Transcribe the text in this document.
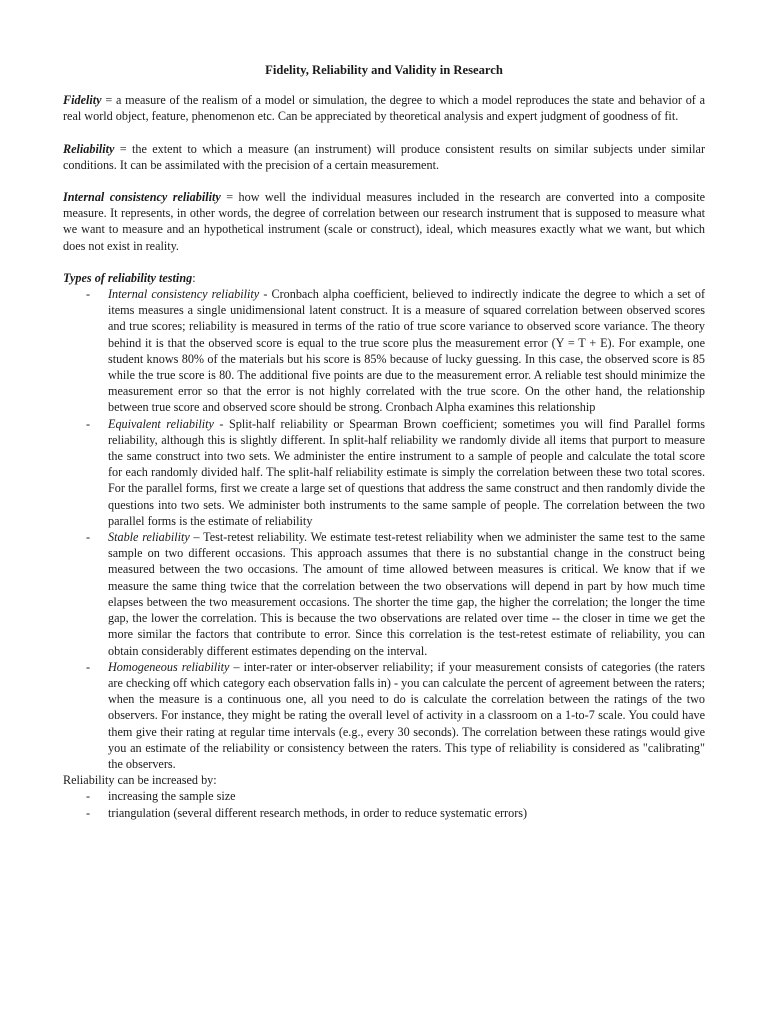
Fidelity, Reliability and Validity in Research

Fidelity = a measure of the realism of a model or simulation, the degree to which a model reproduces the state and behavior of a real world object, feature, phenomenon etc. Can be appreciated by theoretical analysis and expert judgment of goodness of fit.

Reliability = the extent to which a measure (an instrument) will produce consistent results on similar subjects under similar conditions. It can be assimilated with the precision of a certain measurement.

Internal consistency reliability = how well the individual measures included in the research are converted into a composite measure. It represents, in other words, the degree of correlation between our research instrument that is supposed to measure what we want to measure and an hypothetical instrument (scale or construct), ideal, which measures exactly what we want, but which does not exist in reality.

Types of reliability testing:
- Internal consistency reliability - Cronbach alpha coefficient, believed to indirectly indicate the degree to which a set of items measures a single unidimensional latent construct. It is a measure of squared correlation between observed scores and true scores; reliability is measured in terms of the ratio of true score variance to observed score variance. The theory behind it is that the observed score is equal to the true score plus the measurement error (Y = T + E). For example, one student knows 80% of the materials but his score is 85% because of lucky guessing. In this case, the observed score is 85 while the true score is 80. The additional five points are due to the measurement error. A reliable test should minimize the measurement error so that the error is not highly correlated with the true score. On the other hand, the relationship between true score and observed score should be strong. Cronbach Alpha examines this relationship
- Equivalent reliability - Split-half reliability or Spearman Brown coefficient; sometimes you will find Parallel forms reliability, although this is slightly different. In split-half reliability we randomly divide all items that purport to measure the same construct into two sets. We administer the entire instrument to a sample of people and calculate the total score for each randomly divided half. The split-half reliability estimate is simply the correlation between these two total scores. For the parallel forms, first we create a large set of questions that address the same construct and then randomly divide the questions into two sets. We administer both instruments to the same sample of people. The correlation between the two parallel forms is the estimate of reliability
- Stable reliability – Test-retest reliability. We estimate test-retest reliability when we administer the same test to the same sample on two different occasions. This approach assumes that there is no substantial change in the construct being measured between the two occasions. The amount of time allowed between measures is critical. We know that if we measure the same thing twice that the correlation between the two observations will depend in part by how much time elapses between the two measurement occasions. The shorter the time gap, the higher the correlation; the longer the time gap, the lower the correlation. This is because the two observations are related over time -- the closer in time we get the more similar the factors that contribute to error. Since this correlation is the test-retest estimate of reliability, you can obtain considerably different estimates depending on the interval.
- Homogeneous reliability – inter-rater or inter-observer reliability; if your measurement consists of categories (the raters are checking off which category each observation falls in) - you can calculate the percent of agreement between the raters; when the measure is a continuous one, all you need to do is calculate the correlation between the ratings of the two observers. For instance, they might be rating the overall level of activity in a classroom on a 1-to-7 scale. You could have them give their rating at regular time intervals (e.g., every 30 seconds). The correlation between these ratings would give you an estimate of the reliability or consistency between the raters. This type of reliability is considered as "calibrating" the observers.
Reliability can be increased by:
- increasing the sample size
- triangulation (several different research methods, in order to reduce systematic errors)
